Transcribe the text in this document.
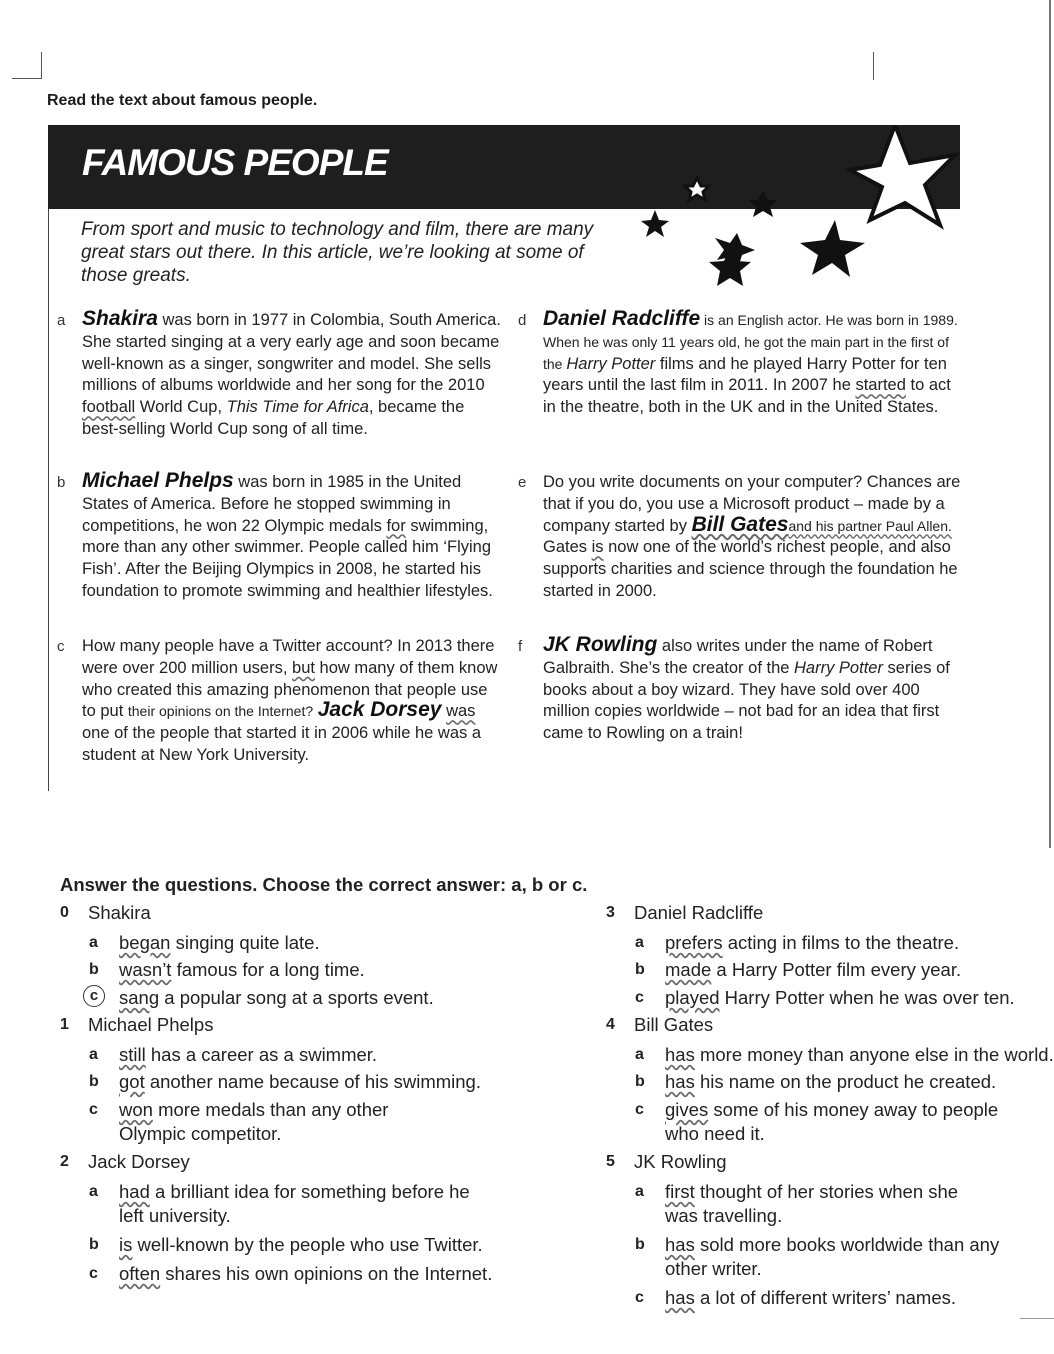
Read the text about famous people.
FAMOUS PEOPLE
From sport and music to technology and film, there are many great stars out there. In this article, we’re looking at some of those greats.
a Shakira was born in 1977 in Colombia, South America. She started singing at a very early age and soon became well-known as a singer, songwriter and model. She sells millions of albums worldwide and her song for the 2010 football World Cup, This Time for Africa, became the best-selling World Cup song of all time.
b Michael Phelps was born in 1985 in the United States of America. Before he stopped swimming in competitions, he won 22 Olympic medals for swimming, more than any other swimmer. People called him ‘Flying Fish’. After the Beijing Olympics in 2008, he started his foundation to promote swimming and healthier lifestyles.
c How many people have a Twitter account? In 2013 there were over 200 million users, but how many of them know who created this amazing phenomenon that people use to put their opinions on the Internet? Jack Dorsey was one of the people that started it in 2006 while he was a student at New York University.
d Daniel Radcliffe is an English actor. He was born in 1989. When he was only 11 years old, he got the main part in the first of the Harry Potter films and he played Harry Potter for ten years until the last film in 2011. In 2007 he started to act in the theatre, both in the UK and in the United States.
e Do you write documents on your computer? Chances are that if you do, you use a Microsoft product – made by a company started by Bill Gatesand his partner Paul Allen. Gates is now one of the world’s richest people, and also supports charities and science through the foundation he started in 2000.
f JK Rowling also writes under the name of Robert Galbraith. She’s the creator of the Harry Potter series of books about a boy wizard. They have sold over 400 million copies worldwide – not bad for an idea that first came to Rowling on a train!
Answer the questions. Choose the correct answer: a, b or c.
0 Shakira
a began singing quite late.
b wasn’t famous for a long time.
c	sang a popular song at a sports event.
1 Michael Phelps
a still has a career as a swimmer.
b got another name because of his swimming.
c won more medals than any other
Olympic competitor.
2 Jack Dorsey
a had a brilliant idea for something before he
left university.
b is well-known by the people who use Twitter.
c often shares his own opinions on the Internet.
3 Daniel Radcliffe
a prefers acting in films to the theatre.
b made a Harry Potter film every year.
c played Harry Potter when he was over ten.
4 Bill Gates
a has more money than anyone else in the world.
b has his name on the product he created.
c gives some of his money away to people
who need it.
5 JK Rowling
a first thought of her stories when she
was travelling.
b has sold more books worldwide than any
other writer.
c has a lot of different writers’ names.
